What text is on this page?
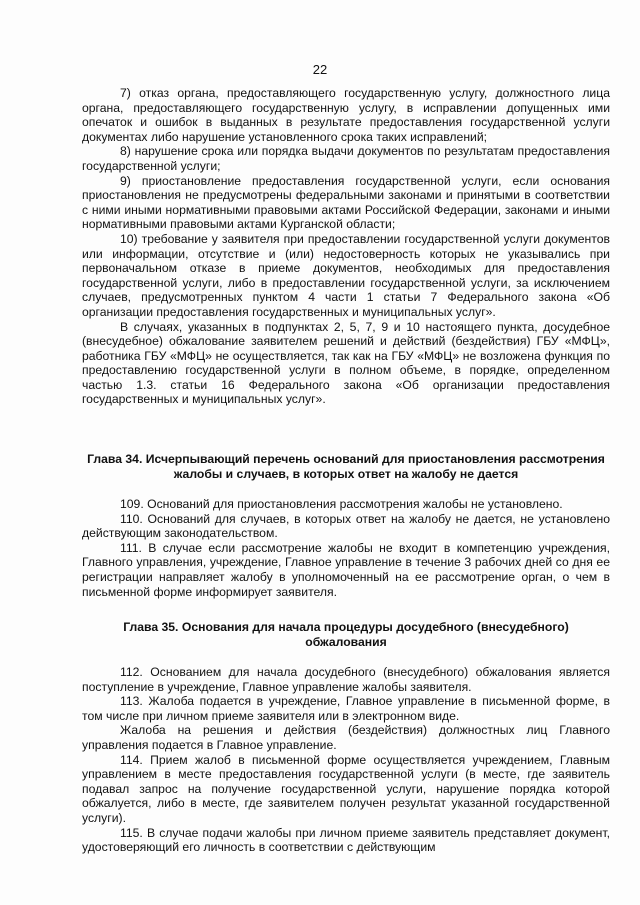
22

7) отказ органа, предоставляющего государственную услугу, должностного лица органа, предоставляющего государственную услугу, в исправлении допущенных ими опечаток и ошибок в выданных в результате предоставления государственной услуги документах либо нарушение установленного срока таких исправлений;

8) нарушение срока или порядка выдачи документов по результатам предоставления государственной услуги;

9) приостановление предоставления государственной услуги, если основания приостановления не предусмотрены федеральными законами и принятыми в соответствии с ними иными нормативными правовыми актами Российской Федерации, законами и иными нормативными правовыми актами Курганской области;

10) требование у заявителя при предоставлении государственной услуги документов или информации, отсутствие и (или) недостоверность которых не указывались при первоначальном отказе в приеме документов, необходимых для предоставления государственной услуги, либо в предоставлении государственной услуги, за исключением случаев, предусмотренных пунктом 4 части 1 статьи 7 Федерального закона «Об организации предоставления государственных и муниципальных услуг».

В случаях, указанных в подпунктах 2, 5, 7, 9 и 10 настоящего пункта, досудебное (внесудебное) обжалование заявителем решений и действий (бездействия) ГБУ «МФЦ», работника ГБУ «МФЦ» не осуществляется, так как на ГБУ «МФЦ» не возложена функция по предоставлению государственной услуги в полном объеме, в порядке, определенном частью 1.3. статьи 16 Федерального закона «Об организации предоставления государственных и муниципальных услуг».

Глава 34. Исчерпывающий перечень оснований для приостановления рассмотрения жалобы и случаев, в которых ответ на жалобу не дается

109. Оснований для приостановления рассмотрения жалобы не установлено.

110. Оснований для случаев, в которых ответ на жалобу не дается, не установлено действующим законодательством.

111. В случае если рассмотрение жалобы не входит в компетенцию учреждения, Главного управления, учреждение, Главное управление в течение 3 рабочих дней со дня ее регистрации направляет жалобу в уполномоченный на ее рассмотрение орган, о чем в письменной форме информирует заявителя.

Глава 35. Основания для начала процедуры досудебного (внесудебного) обжалования

112. Основанием для начала досудебного (внесудебного) обжалования является поступление в учреждение, Главное управление жалобы заявителя.

113. Жалоба подается в учреждение, Главное управление в письменной форме, в том числе при личном приеме заявителя или в электронном виде.

Жалоба на решения и действия (бездействия) должностных лиц Главного управления подается в Главное управление.

114. Прием жалоб в письменной форме осуществляется учреждением, Главным управлением в месте предоставления государственной услуги (в месте, где заявитель подавал запрос на получение государственной услуги, нарушение порядка которой обжалуется, либо в месте, где заявителем получен результат указанной государственной услуги).

115. В случае подачи жалобы при личном приеме заявитель представляет документ, удостоверяющий его личность в соответствии с действующим
